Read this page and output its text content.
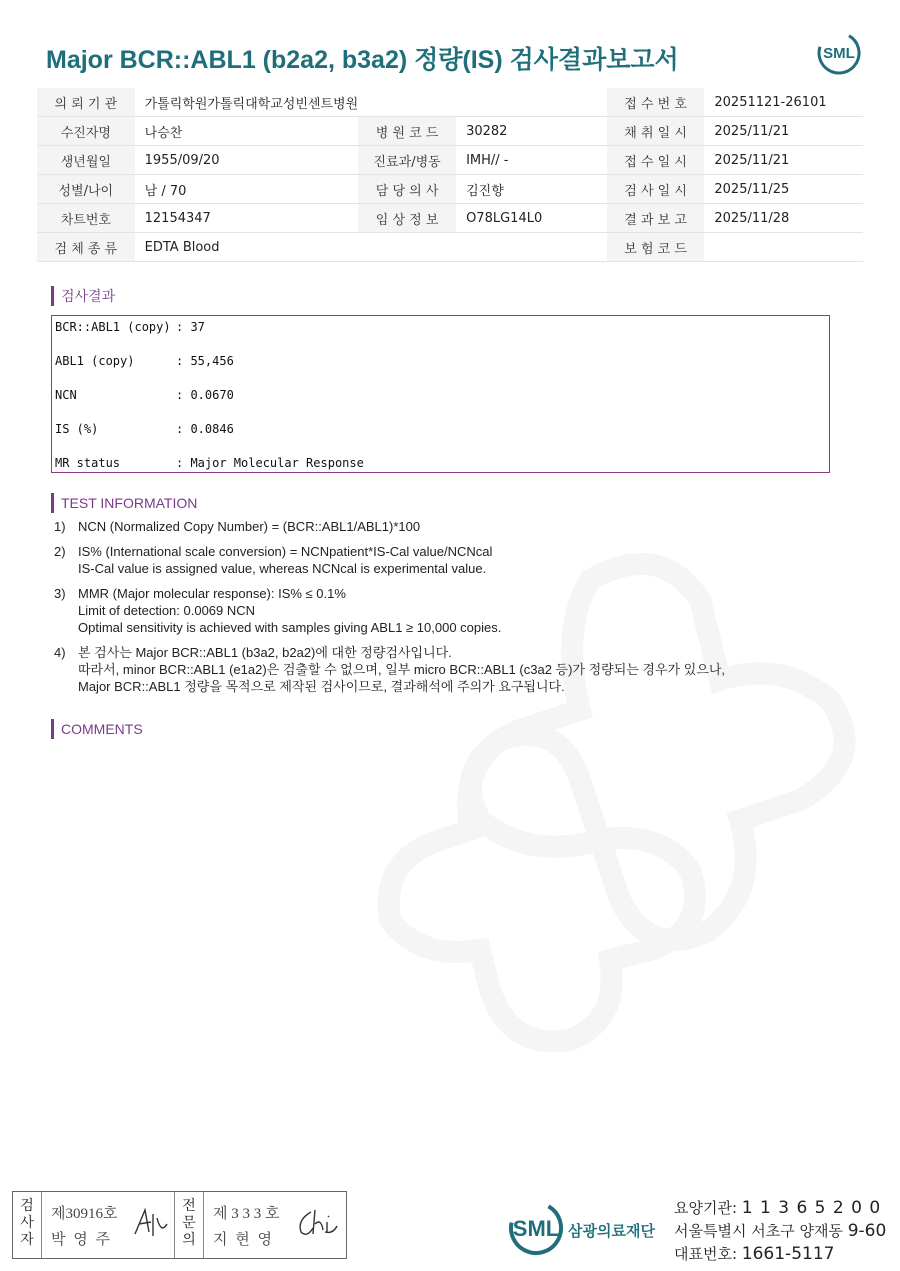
Major BCR::ABL1 (b2a2, b3a2) 정량(IS) 검사결과보고서	SML
의 뢰 기 관	가톨릭학원가톨릭대학교성빈센트병원			접 수 번 호	20251121-26101
수진자명	나승찬	병 원 코 드	30282	채 취 일 시	2025/11/21
생년월일	1955/09/20	진료과/병동	IMH// -	접 수 일 시	2025/11/21
성별/나이	남 / 70	담 당 의 사	김진향	검 사 일 시	2025/11/25
차트번호	12154347	임 상 정 보	O78LG14L0	결 과 보 고	2025/11/28
검 체 종 류	EDTA Blood			보 험 코 드	
검사결과
BCR::ABL1 (copy) : 37
ABL1 (copy)	: 55,456
NCN	: 0.0670
IS (%)	: 0.0846
MR status	: Major Molecular Response
TEST INFORMATION
1) NCN (Normalized Copy Number) = (BCR::ABL1/ABL1)*100
2) IS% (International scale conversion) = NCNpatient*IS-Cal value/NCNcal
IS-Cal value is assigned value, whereas NCNcal is experimental value.
3) MMR (Major molecular response): IS% ≤ 0.1%
Limit of detection: 0.0069 NCN
Optimal sensitivity is achieved with samples giving ABL1 ≥ 10,000 copies.
4) 본 검사는 Major BCR::ABL1 (b3a2, b2a2)에 대한 정량검사입니다.
따라서, minor BCR::ABL1 (e1a2)은 검출할 수 없으며, 일부 micro BCR::ABL1 (c3a2 등)가 정량되는 경우가 있으나,
Major BCR::ABL1 정량을 목적으로 제작된 검사이므로, 결과해석에 주의가 요구됩니다.
COMMENTS
검
사
자
제30916호
박 영 주
전
문
의
제 3 3 3 호
지 현 영	SML 삼광의료재단
요양기관: 1 1 3 6 5 2 0 0
서울특별시 서초구 양재동 9-60
대표번호: 1661-5117
